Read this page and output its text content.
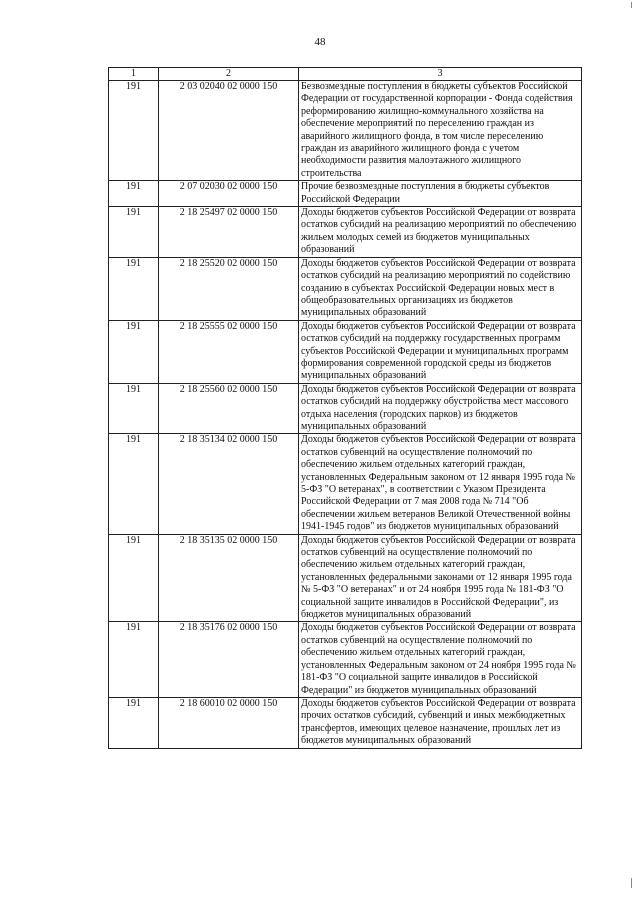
48
1	2	3
191	2 03 02040 02 0000 150	Безвозмездные поступления в бюджеты субъектов Российской Федерации от государственной корпорации - Фонда содействия реформированию жилищно-коммунального хозяйства на обеспечение мероприятий по переселению граждан из аварийного жилищного фонда, в том числе переселению граждан из аварийного жилищного фонда с учетом необходимости развития малоэтажного жилищного строительства
191	2 07 02030 02 0000 150	Прочие безвозмездные поступления в бюджеты субъектов Российской Федерации
191	2 18 25497 02 0000 150	Доходы бюджетов субъектов Российской Федерации от возврата остатков субсидий на реализацию мероприятий по обеспечению жильем молодых семей из бюджетов муниципальных образований
191	2 18 25520 02 0000 150	Доходы бюджетов субъектов Российской Федерации от возврата остатков субсидий на реализацию мероприятий по содействию созданию в субъектах Российской Федерации новых мест в общеобразовательных организациях из бюджетов муниципальных образований
191	2 18 25555 02 0000 150	Доходы бюджетов субъектов Российской Федерации от возврата остатков субсидий на поддержку государственных программ субъектов Российской Федерации и муниципальных программ формирования современной городской среды из бюджетов муниципальных образований
191	2 18 25560 02 0000 150	Доходы бюджетов субъектов Российской Федерации от возврата остатков субсидий на поддержку обустройства мест массового отдыха населения (городских парков) из бюджетов муниципальных образований
191	2 18 35134 02 0000 150	Доходы бюджетов субъектов Российской Федерации от возврата остатков субвенций на осуществление полномочий по обеспечению жильем отдельных категорий граждан, установленных Федеральным законом от 12 января 1995 года № 5-ФЗ "О ветеранах", в соответствии с Указом Президента Российской Федерации от 7 мая 2008 года № 714 "Об обеспечении жильем ветеранов Великой Отечественной войны 1941-1945 годов" из бюджетов муниципальных образований
191	2 18 35135 02 0000 150	Доходы бюджетов субъектов Российской Федерации от возврата остатков субвенций на осуществление полномочий по обеспечению жильем отдельных категорий граждан, установленных федеральными законами от 12 января 1995 года № 5-ФЗ "О ветеранах" и от 24 ноября 1995 года № 181-ФЗ "О социальной защите инвалидов в Российской Федерации", из бюджетов муниципальных образований
191	2 18 35176 02 0000 150	Доходы бюджетов субъектов Российской Федерации от возврата остатков субвенций на осуществление полномочий по обеспечению жильем отдельных категорий граждан, установленных Федеральным законом от 24 ноября 1995 года № 181-ФЗ "О социальной защите инвалидов в Российской Федерации" из бюджетов муниципальных образований
191	2 18 60010 02 0000 150	Доходы бюджетов субъектов Российской Федерации от возврата прочих остатков субсидий, субвенций и иных межбюджетных трансфертов, имеющих целевое назначение, прошлых лет из бюджетов муниципальных образований
